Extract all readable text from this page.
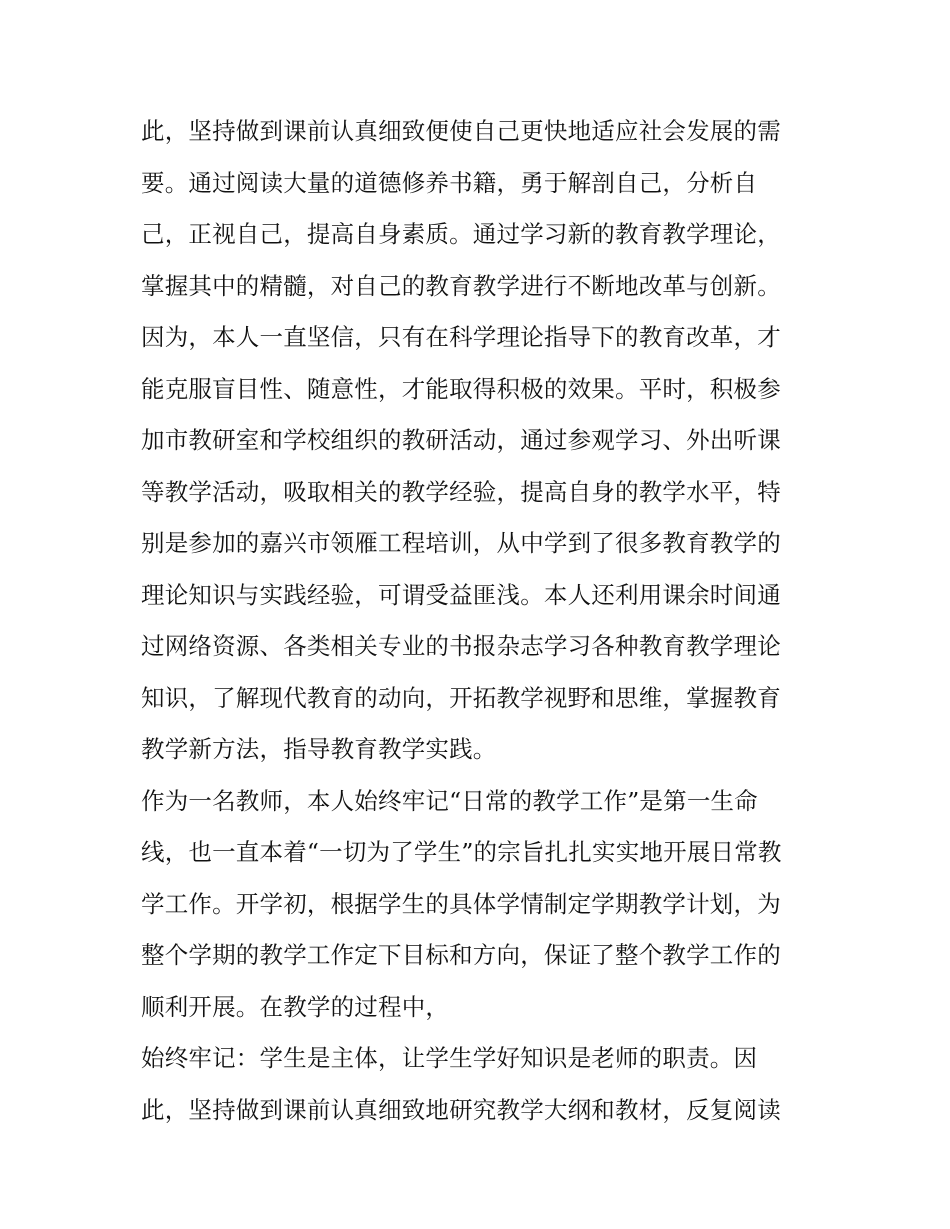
此，坚持做到课前认真细致便使自己更快地适应社会发展的需
要。通过阅读大量的道德修养书籍，勇于解剖自己，分析自
己，正视自己，提高自身素质。通过学习新的教育教学理论，
掌握其中的精髓，对自己的教育教学进行不断地改革与创新。
因为，本人一直坚信，只有在科学理论指导下的教育改革，才
能克服盲目性、随意性，才能取得积极的效果。平时，积极参
加市教研室和学校组织的教研活动，通过参观学习、外出听课
等教学活动，吸取相关的教学经验，提高自身的教学水平，特
别是参加的嘉兴市领雁工程培训，从中学到了很多教育教学的
理论知识与实践经验，可谓受益匪浅。本人还利用课余时间通
过网络资源、各类相关专业的书报杂志学习各种教育教学理论
知识，了解现代教育的动向，开拓教学视野和思维，掌握教育
教学新方法，指导教育教学实践。
作为一名教师，本人始终牢记“日常的教学工作”是第一生命
线，也一直本着“一切为了学生”的宗旨扎扎实实地开展日常教
学工作。开学初，根据学生的具体学情制定学期教学计划，为
整个学期的教学工作定下目标和方向，保证了整个教学工作的
顺利开展。在教学的过程中，
始终牢记：学生是主体，让学生学好知识是老师的职责。因
此，坚持做到课前认真细致地研究教学大纲和教材，反复阅读
